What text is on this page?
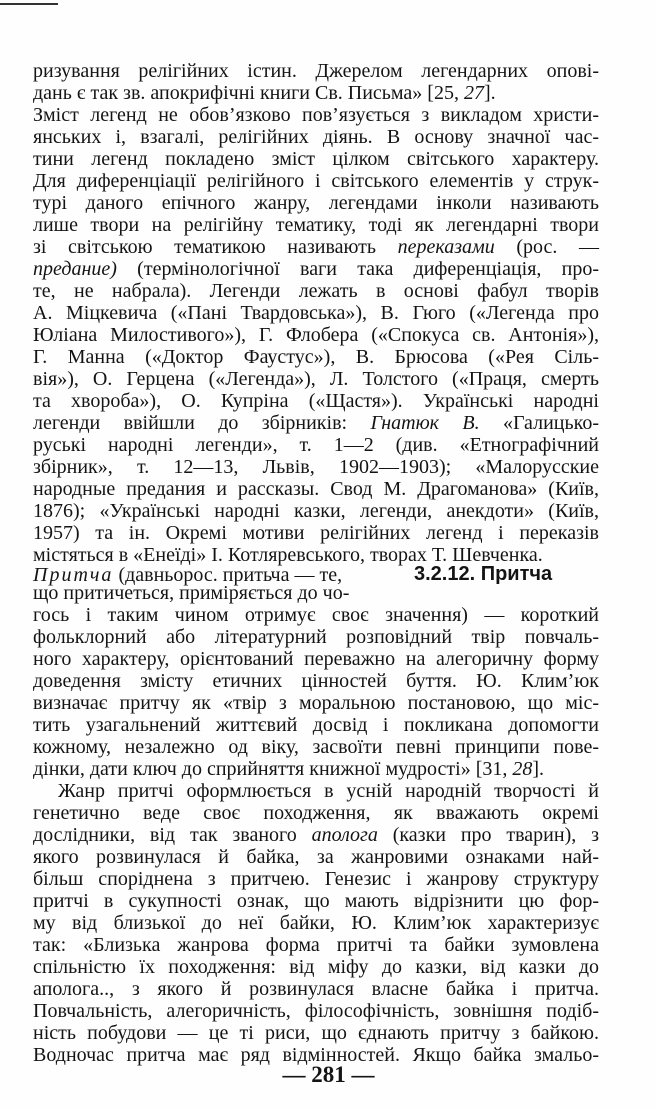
ризування релігійних істин. Джерелом легендарних опові-
дань є так зв. апокрифічні книги Св. Письма» [25, 27].
Зміст легенд не обов’язково пов’язується з викладом христи-
янських і, взагалі, релігійних діянь. В основу значної час-
тини легенд покладено зміст цілком світського характеру.
Для диференціації релігійного і світського елементів у струк-
турі даного епічного жанру, легендами інколи називають
лише твори на релігійну тематику, тоді як легендарні твори
зі світською тематикою називають переказами (рос. —
предание) (термінологічної ваги така диференціація, про-
те, не набрала). Легенди лежать в основі фабул творів
А. Міцкевича («Пані Твардовська»), В. Гюго («Легенда про
Юліана Милостивого»), Г. Флобера («Спокуса св. Антонія»),
Г. Манна («Доктор Фаустус»), В. Брюсова («Рея Сіль-
вія»), О. Герцена («Легенда»), Л. Толстого («Праця, смерть
та хвороба»), О. Купріна («Щастя»). Українські народні
легенди ввійшли до збірників: Гнатюк В. «Галицько-
руські народні легенди», т. 1—2 (див. «Етнографічний
збірник», т. 12—13, Львів, 1902—1903); «Малорусские
народные предания и рассказы. Свод М. Драгоманова» (Київ,
1876); «Українські народні казки, легенди, анекдоти» (Київ,
1957) та ін. Окремі мотиви релігійних легенд і переказів
містяться в «Енеїді» І. Котляревського, творах Т. Шевченка.
3.2.12. Притча
Притча (давньорос. притьча — те,
що притичеться, приміряється до чо-
гось і таким чином отримує своє значення) — короткий
фольклорний або літературний розповідний твір повчаль-
ного характеру, орієнтований переважно на алегоричну форму
доведення змісту етичних цінностей буття. Ю. Клим’юк
визначає притчу як «твір з моральною постановою, що міс-
тить узагальнений життєвий досвід і покликана допомогти
кожному, незалежно од віку, засвоїти певні принципи пове-
дінки, дати ключ до сприйняття книжної мудрості» [31, 28].
Жанр притчі оформлюється в усній народній творчості й
генетично веде своє походження, як вважають окремі
дослідники, від так званого аполога (казки про тварин), з
якого розвинулася й байка, за жанровими ознаками най-
більш споріднена з притчею. Генезис і жанрову структуру
притчі в сукупності ознак, що мають відрізнити цю фор-
му від близької до неї байки, Ю. Клим’юк характеризує
так: «Близька жанрова форма притчі та байки зумовлена
спільністю їх походження: від міфу до казки, від казки до
аполога.., з якого й розвинулася власне байка і притча.
Повчальність, алегоричність, філософічність, зовнішня подіб-
ність побудови — це ті риси, що єднають притчу з байкою.
Водночас притча має ряд відмінностей. Якщо байка змальо-
— 281 —
